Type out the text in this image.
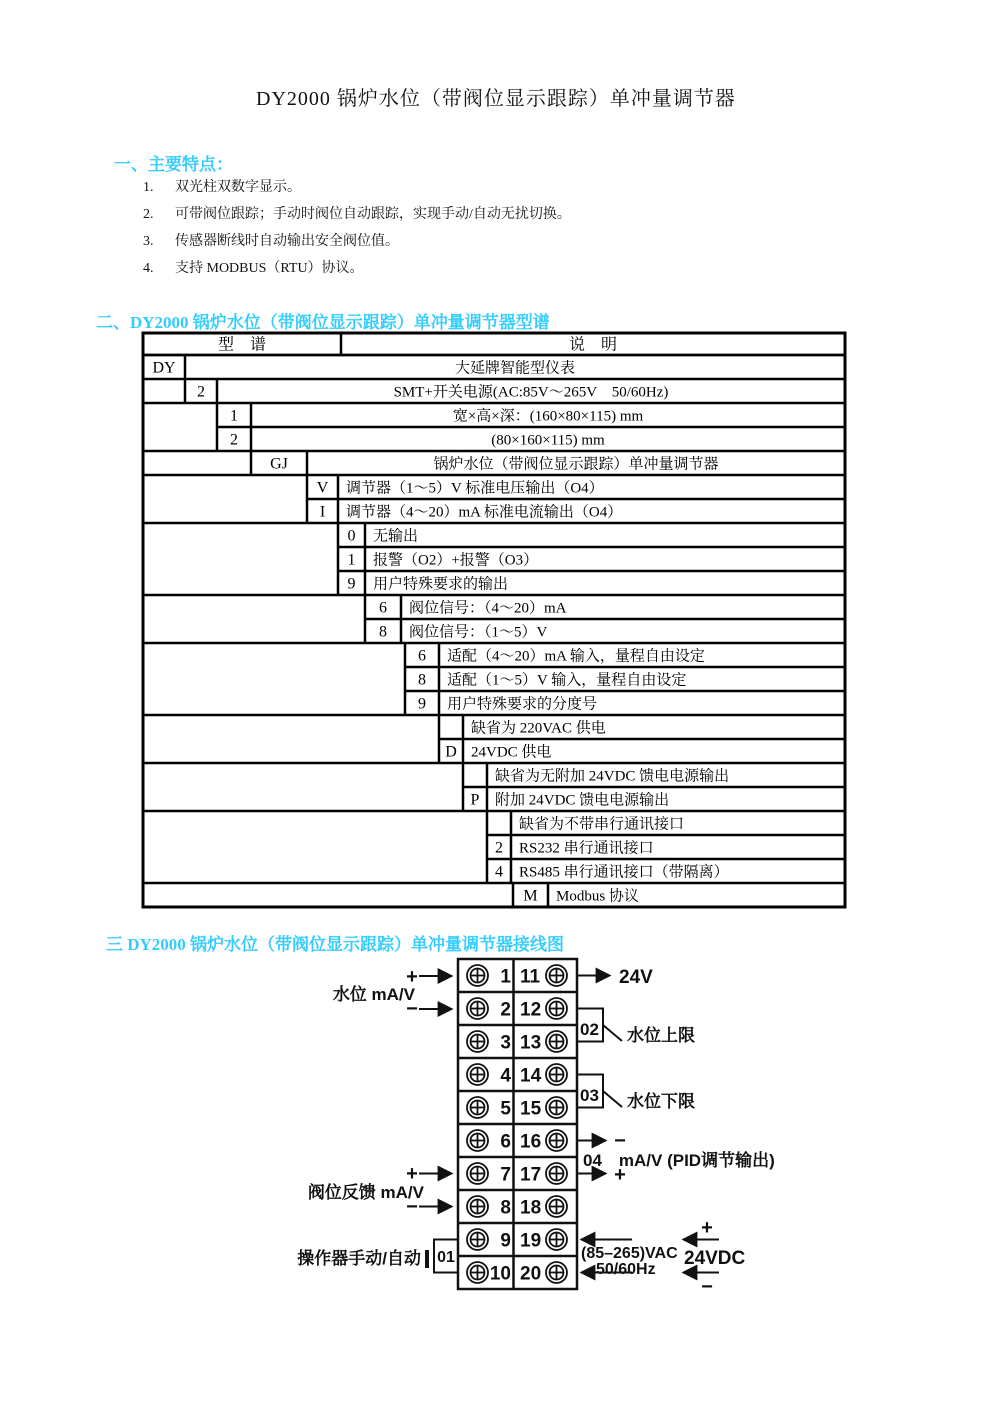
DY2000 锅炉水位（带阀位显示跟踪）单冲量调节器
一、主要特点：
1. 双光柱双数字显示。
2. 可带阀位跟踪；手动时阀位自动跟踪，实现手动/自动无扰切换。
3. 传感器断线时自动输出安全阀位值。
4. 支持 MODBUS（RTU）协议。
二、DY2000 锅炉水位（带阀位显示跟踪）单冲量调节器型谱
型　谱	说　明
DY	大延牌智能型仪表
2	SMT+开关电源(AC:85V～265V　50/60Hz)
1	宽×高×深：(160×80×115) mm
2	(80×160×115) mm
GJ	锅炉水位（带阀位显示跟踪）单冲量调节器
V 调节器（1～5）V 标准电压输出（O4）
I 调节器（4～20）mA 标准电流输出（O4）
0 无输出
1 报警（O2）+报警（O3）
9 用户特殊要求的输出
6 阀位信号：（4～20）mA
8 阀位信号：（1～5）V
6 适配（4～20）mA 输入，量程自由设定
8 适配（1～5）V 输入，量程自由设定
9 用户特殊要求的分度号
缺省为 220VAC 供电
D 24VDC 供电
缺省为无附加 24VDC 馈电电源输出
P 附加 24VDC 馈电电源输出
缺省为不带串行通讯接口
2 RS232 串行通讯接口
4 RS485 串行通讯接口（带隔离）
M Modbus 协议
三 DY2000 锅炉水位（带阀位显示跟踪）单冲量调节器接线图
1 11
2 12
3 13
4 14
5 15
6 16
7 17
8 18
9 19
10 20
+
水位 mA/V
−
+
阀位反馈 mA/V
−
操作器手动/自动 01
24V
02 水位上限
03 水位下限
−
04　mA/V (PID调节输出)
+
(85–265)VAC
50/60Hz
+
24VDC
−
